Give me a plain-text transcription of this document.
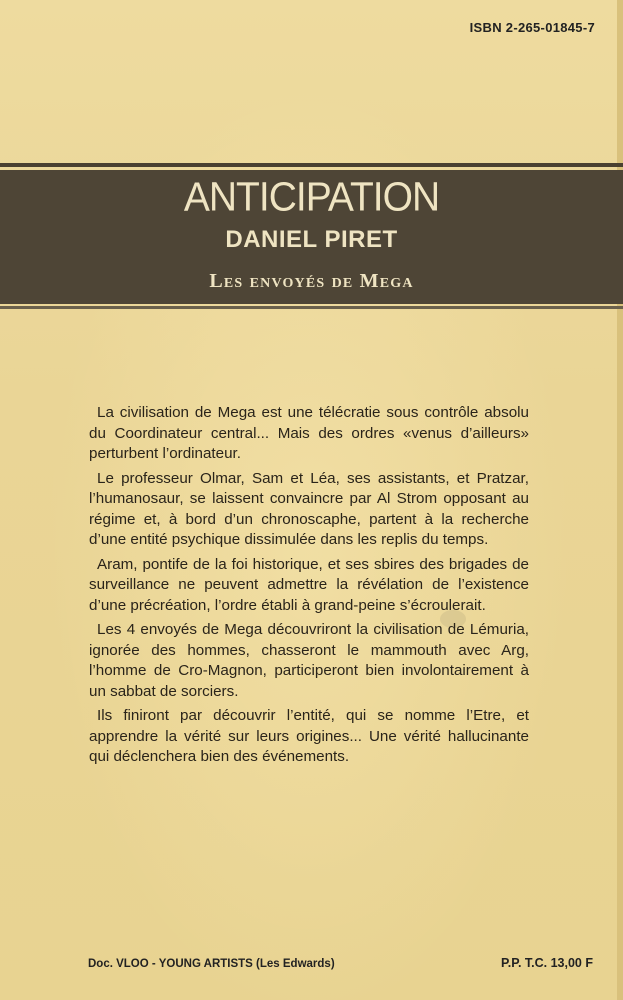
ISBN 2-265-01845-7
ANTICIPATION
DANIEL PIRET
Les envoyés de Mega

La civilisation de Mega est une télécratie sous contrôle absolu du Coordinateur central... Mais des ordres «venus d’ailleurs» perturbent l’ordinateur.

Le professeur Olmar, Sam et Léa, ses assistants, et Pratzar, l’humanosaur, se laissent convaincre par Al Strom opposant au régime et, à bord d’un chronoscaphe, partent à la recherche d’une entité psychique dissimulée dans les replis du temps.

Aram, pontife de la foi historique, et ses sbires des brigades de surveillance ne peuvent admettre la révélation de l’existence d’une précréation, l’ordre établi à grand-peine s’écroulerait.

Les 4 envoyés de Mega découvriront la civilisation de Lémuria, ignorée des hommes, chasseront le mammouth avec Arg, l’homme de Cro-Magnon, participeront bien involontairement à un sabbat de sorciers.

Ils finiront par découvrir l’entité, qui se nomme l’Etre, et apprendre la vérité sur leurs origines... Une vérité hallucinante qui déclenchera bien des événements.

Doc. VLOO - YOUNG ARTISTS (Les Edwards)	P.P. T.C. 13,00 F
